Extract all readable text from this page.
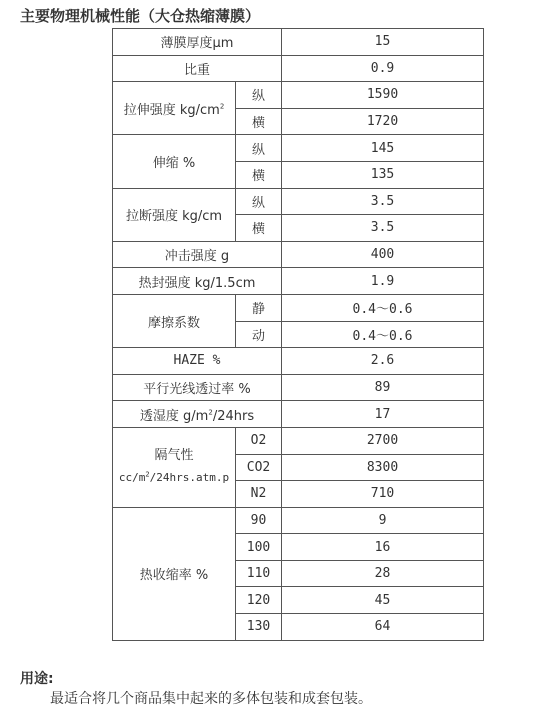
主要物理机械性能（大仓热缩薄膜）
薄膜厚度μm		15
比重		0.9
拉伸强度 $kg/cm^2$	纵	1590
	横	1720
伸缩 %	纵	145
	横	135
拉断强度 kg/cm	纵	3.5
	横	3.5
冲击强度 g		400
热封强度 kg/1.5cm		1.9
摩擦系数	静	0.4～0.6
	动	0.4～0.6
HAZE %		2.6
平行光线透过率 %		89
透湿度 $g/m^2/24hrs$		17

隔气性
$cc/m^2/24hrs.atm.p$	O2	2700
	CO2	8300
	N2	710
热收缩率 %	90	9
	100	16
	110	28
	120	45
	130	64
用途:
最适合将几个商品集中起来的多体包装和成套包装。
